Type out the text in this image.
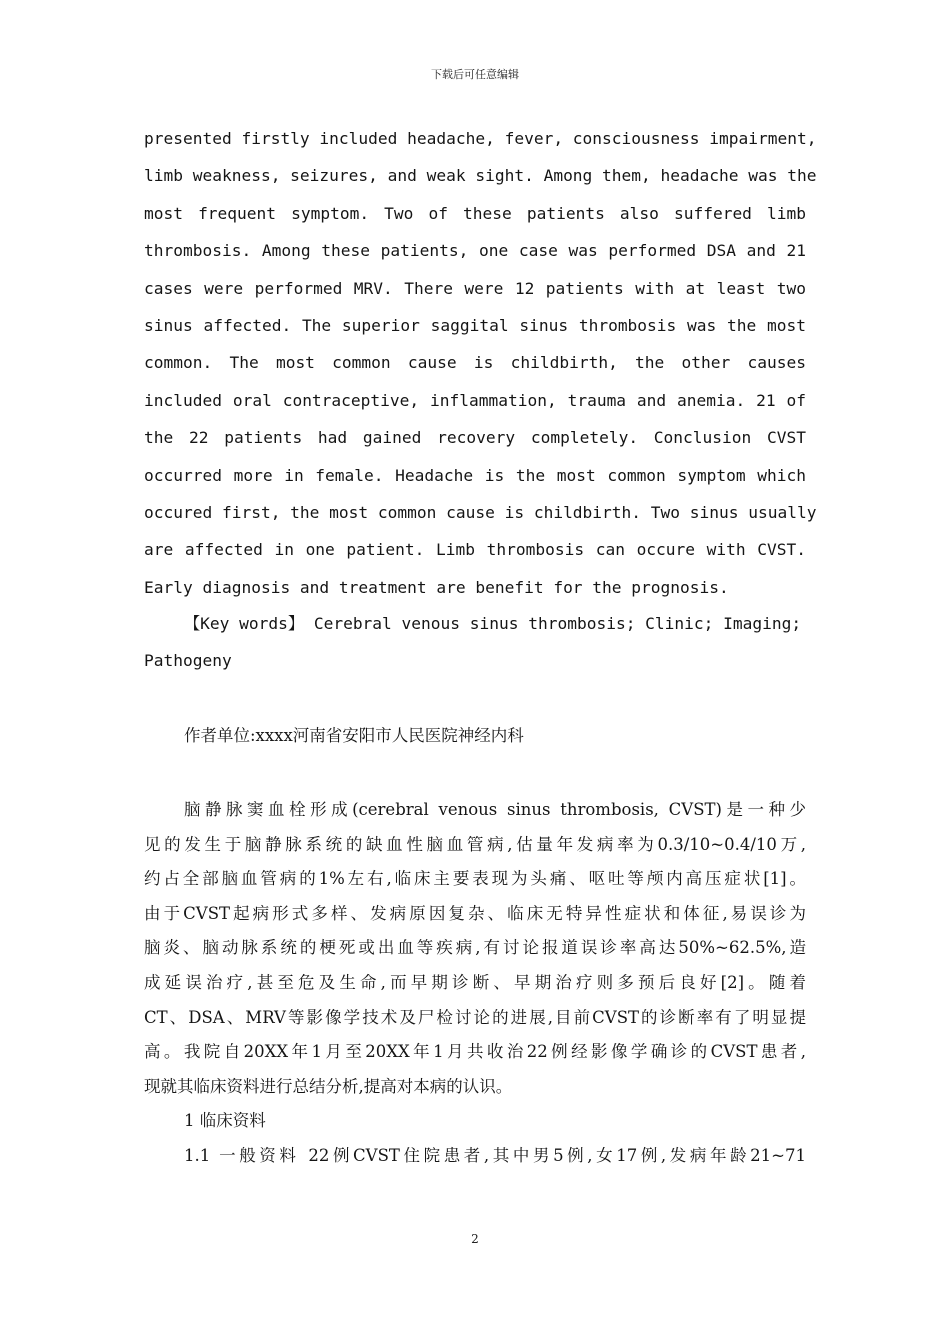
下载后可任意编辑
presented firstly included headache, fever, consciousness impairment,
limb weakness, seizures, and weak sight. Among them, headache was the
most frequent symptom. Two of these patients also suffered limb
thrombosis. Among these patients, one case was performed DSA and 21
cases were performed MRV. There were 12 patients with at least two
sinus affected. The superior saggital sinus thrombosis was the most
common. The most common cause is childbirth, the other causes
included oral contraceptive, inflammation, trauma and anemia. 21 of
the 22 patients had gained recovery completely. Conclusion CVST
occurred more in female. Headache is the most common symptom which
occured first, the most common cause is childbirth. Two sinus usually
are affected in one patient. Limb thrombosis can occure with CVST.
Early diagnosis and treatment are benefit for the prognosis.
【Key words】 Cerebral venous sinus thrombosis; Clinic; Imaging;
Pathogeny
作者单位:xxxx河南省安阳市人民医院神经内科
脑静脉窦血栓形成(cerebral venous sinus thrombosis, CVST)是一种少
见的发生于脑静脉系统的缺血性脑血管病,估量年发病率为0.3/10~0.4/10万,
约占全部脑血管病的1%左右,临床主要表现为头痛、呕吐等颅内高压症状[1]。
由于CVST起病形式多样、发病原因复杂、临床无特异性症状和体征,易误诊为
脑炎、脑动脉系统的梗死或出血等疾病,有讨论报道误诊率高达50%~62.5%,造
成延误治疗,甚至危及生命,而早期诊断、早期治疗则多预后良好[2]。随着
CT、DSA、MRV等影像学技术及尸检讨论的进展,目前CVST的诊断率有了明显提
高。我院自20XX年1月至20XX年1月共收治22例经影像学确诊的CVST患者,
现就其临床资料进行总结分析,提高对本病的认识。
1 临床资料
1.1 一般资料 22例CVST住院患者,其中男5例,女17例,发病年龄21~71
2
